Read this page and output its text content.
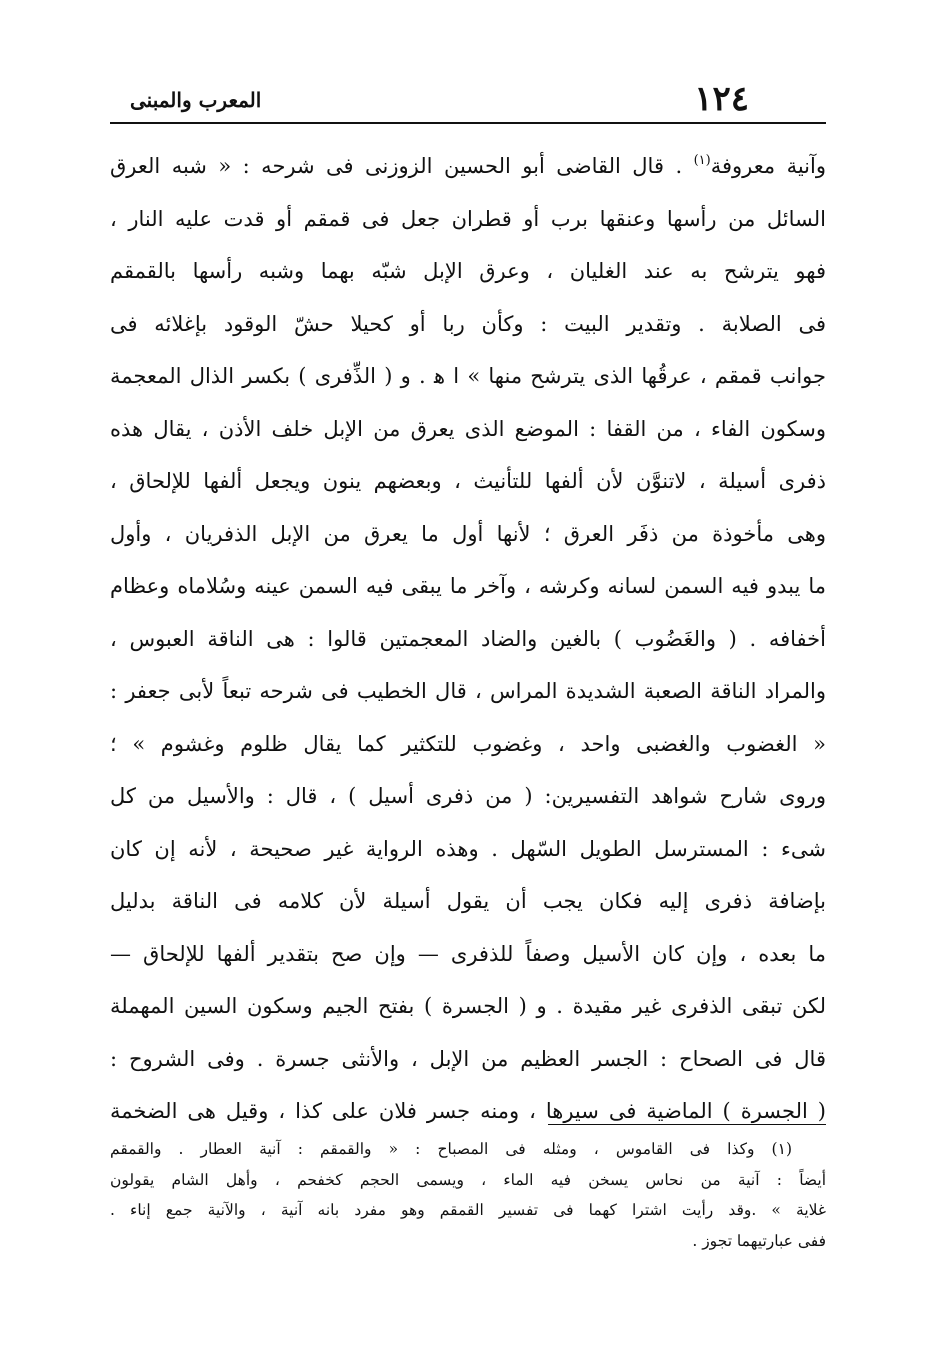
١٢٤
المعرب والمبنى
وآنية معروفة$^{(١)}$ . قال القاضى أبو الحسين الزوزنى فى شرحه : « شبه العرق
السائل من رأسها وعنقها برب أو قطران جعل فى قمقم أو قدت عليه النار ،
فهو يترشح به عند الغليان ، وعرق الإبل شبّه بهما وشبه رأسها بالقمقم
فى الصلابة . وتقدير البيت : وكأن ربا أو كحيلا حشّ الوقود بإغلائه فى
جوانب قمقم ، عرقُها الذى يترشح منها » ا ﻫ . و ( الذِّفرى ) بكسر الذال المعجمة
وسكون الفاء ، من القفا : الموضع الذى يعرق من الإبل خلف الأذن ، يقال هذه
ذفرى أسيلة ، لاتنوَّن لأن ألفها للتأنيث ، وبعضهم ينون ويجعل ألفها للإلحاق ،
وهى مأخوذة من ذفَر العرق ؛ لأنها أول ما يعرق من الإبل الذفريان ، وأول
ما يبدو فيه السمن لسانه وكرشه ، وآخر ما يبقى فيه السمن عينه وسُلاماه وعظام
أخفافه . ( والغَضُوب ) بالغين والضاد المعجمتين قالوا : هى الناقة العبوس ،
والمراد الناقة الصعبة الشديدة المراس ، قال الخطيب فى شرحه تبعاً لأبى جعفر :
« الغضوب والغضبى واحد ، وغضوب للتكثير كما يقال ظلوم وغشوم » ؛
وروى شارح شواهد التفسيرين: ( من ذفرى أسيل ) ، قال : والأسيل من كل
شىء : المسترسل الطويل السّهل . وهذه الرواية غير صحيحة ، لأنه إن كان
بإضافة ذفرى إليه فكان يجب أن يقول أسيلة لأن كلامه فى الناقة بدليل
ما بعده ، وإن كان الأسيل وصفاً للذفرى — وإن صح بتقدير ألفها للإلحاق —
لكن تبقى الذفرى غير مقيدة . و ( الجسرة ) بفتح الجيم وسكون السين المهملة
قال فى الصحاح : الجسر العظيم من الإبل ، والأنثى جسرة . وفى الشروح :
( الجسرة ) الماضية فى سيرها ، ومنه جسر فلان على كذا ، وقيل هى الضخمة
(١) وكذا فى القاموس ، ومثله فى المصباح : « والقمقم : آنية العطار . والقمقم
أيضاً : آنية من نحاس يسخن فيه الماء ، ويسمى الحجم كخفحم ، وأهل الشام يقولون
غلاية » .وقد رأيت اشترا كهما فى تفسير القمقم وهو مفرد بانه آنية ، والآنية جمع إناء .
ففى عبارتيهما تجوز .
